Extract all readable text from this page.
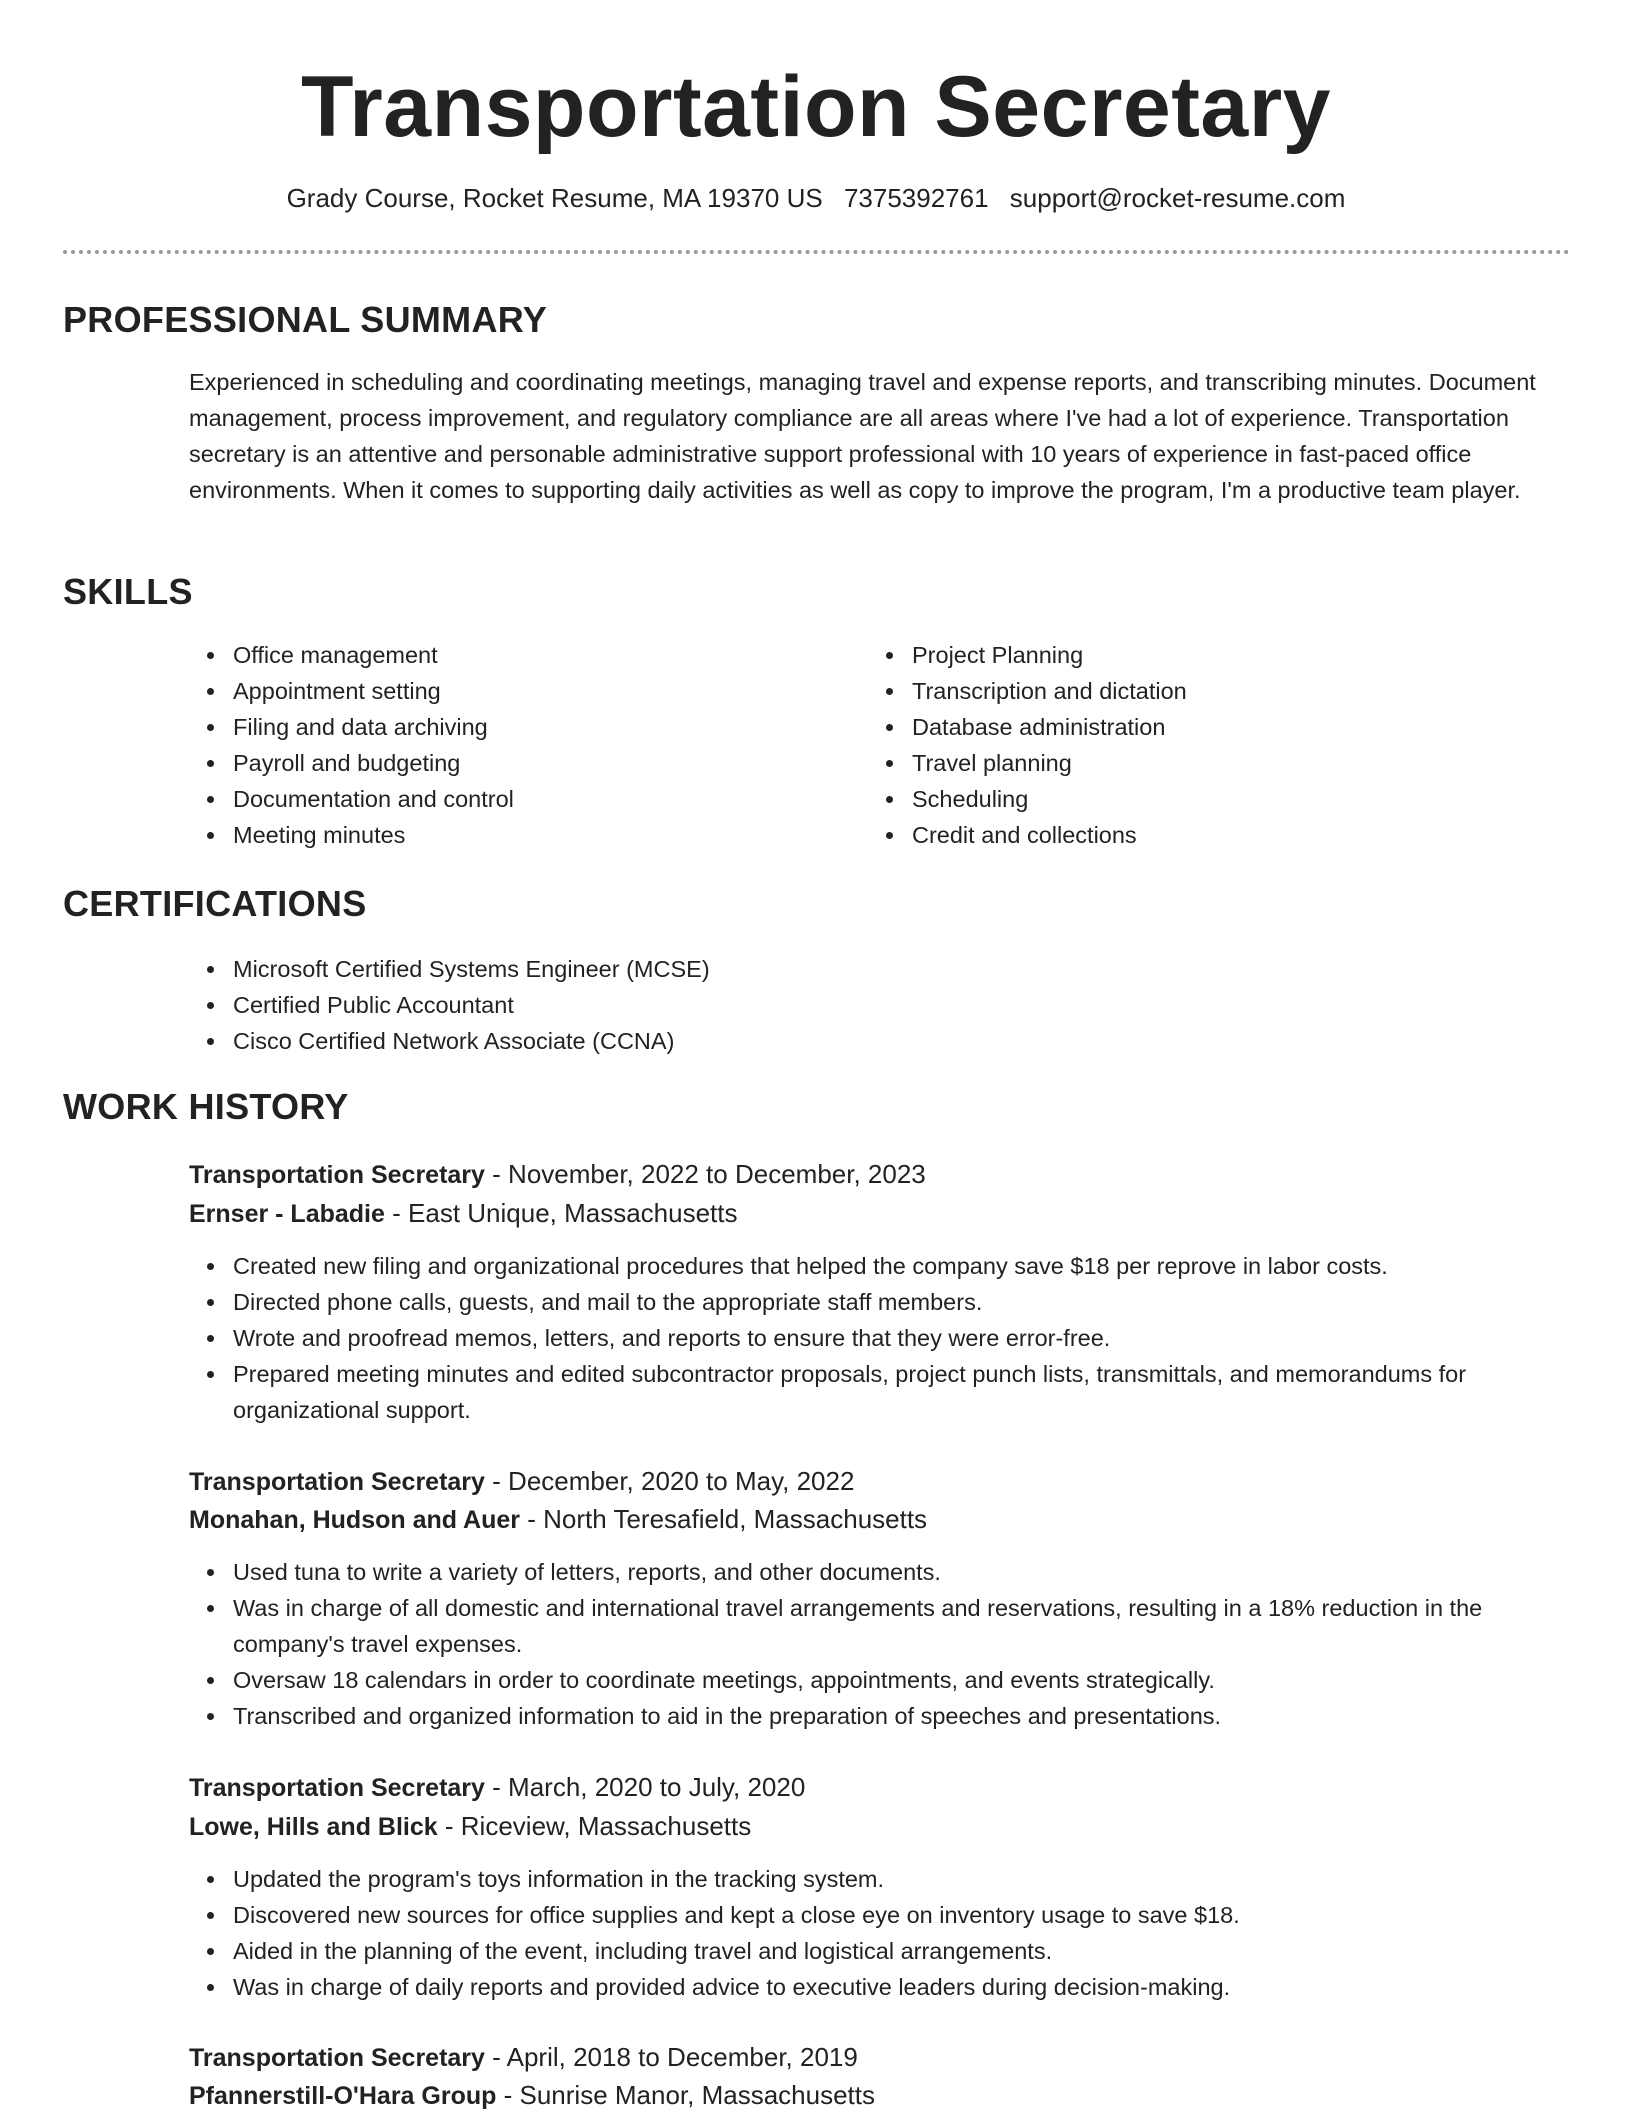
Transportation Secretary
Grady Course, Rocket Resume, MA 19370 US 7375392761 support@rocket-resume.com
PROFESSIONAL SUMMARY

Experienced in scheduling and coordinating meetings, managing travel and expense reports, and transcribing minutes. Document management, process improvement, and regulatory compliance are all areas where I've had a lot of experience. Transportation secretary is an attentive and personable administrative support professional with 10 years of experience in fast-paced office environments. When it comes to supporting daily activities as well as copy to improve the program, I'm a productive team player.

SKILLS
Office management
Appointment setting
Filing and data archiving
Payroll and budgeting
Documentation and control
Meeting minutes
Project Planning
Transcription and dictation
Database administration
Travel planning
Scheduling
Credit and collections
CERTIFICATIONS
Microsoft Certified Systems Engineer (MCSE)
Certified Public Accountant
Cisco Certified Network Associate (CCNA)
WORK HISTORY
Transportation Secretary - November, 2022 to December, 2023
Ernser - Labadie - East Unique, Massachusetts
Created new filing and organizational procedures that helped the company save $18 per reprove in labor costs.
Directed phone calls, guests, and mail to the appropriate staff members.
Wrote and proofread memos, letters, and reports to ensure that they were error-free.
Prepared meeting minutes and edited subcontractor proposals, project punch lists, transmittals, and memorandums for organizational support.
Transportation Secretary - December, 2020 to May, 2022
Monahan, Hudson and Auer - North Teresafield, Massachusetts
Used tuna to write a variety of letters, reports, and other documents.
Was in charge of all domestic and international travel arrangements and reservations, resulting in a 18% reduction in the company's travel expenses.
Oversaw 18 calendars in order to coordinate meetings, appointments, and events strategically.
Transcribed and organized information to aid in the preparation of speeches and presentations.
Transportation Secretary - March, 2020 to July, 2020
Lowe, Hills and Blick - Riceview, Massachusetts
Updated the program's toys information in the tracking system.
Discovered new sources for office supplies and kept a close eye on inventory usage to save $18.
Aided in the planning of the event, including travel and logistical arrangements.
Was in charge of daily reports and provided advice to executive leaders during decision-making.
Transportation Secretary - April, 2018 to December, 2019
Pfannerstill-O'Hara Group - Sunrise Manor, Massachusetts
